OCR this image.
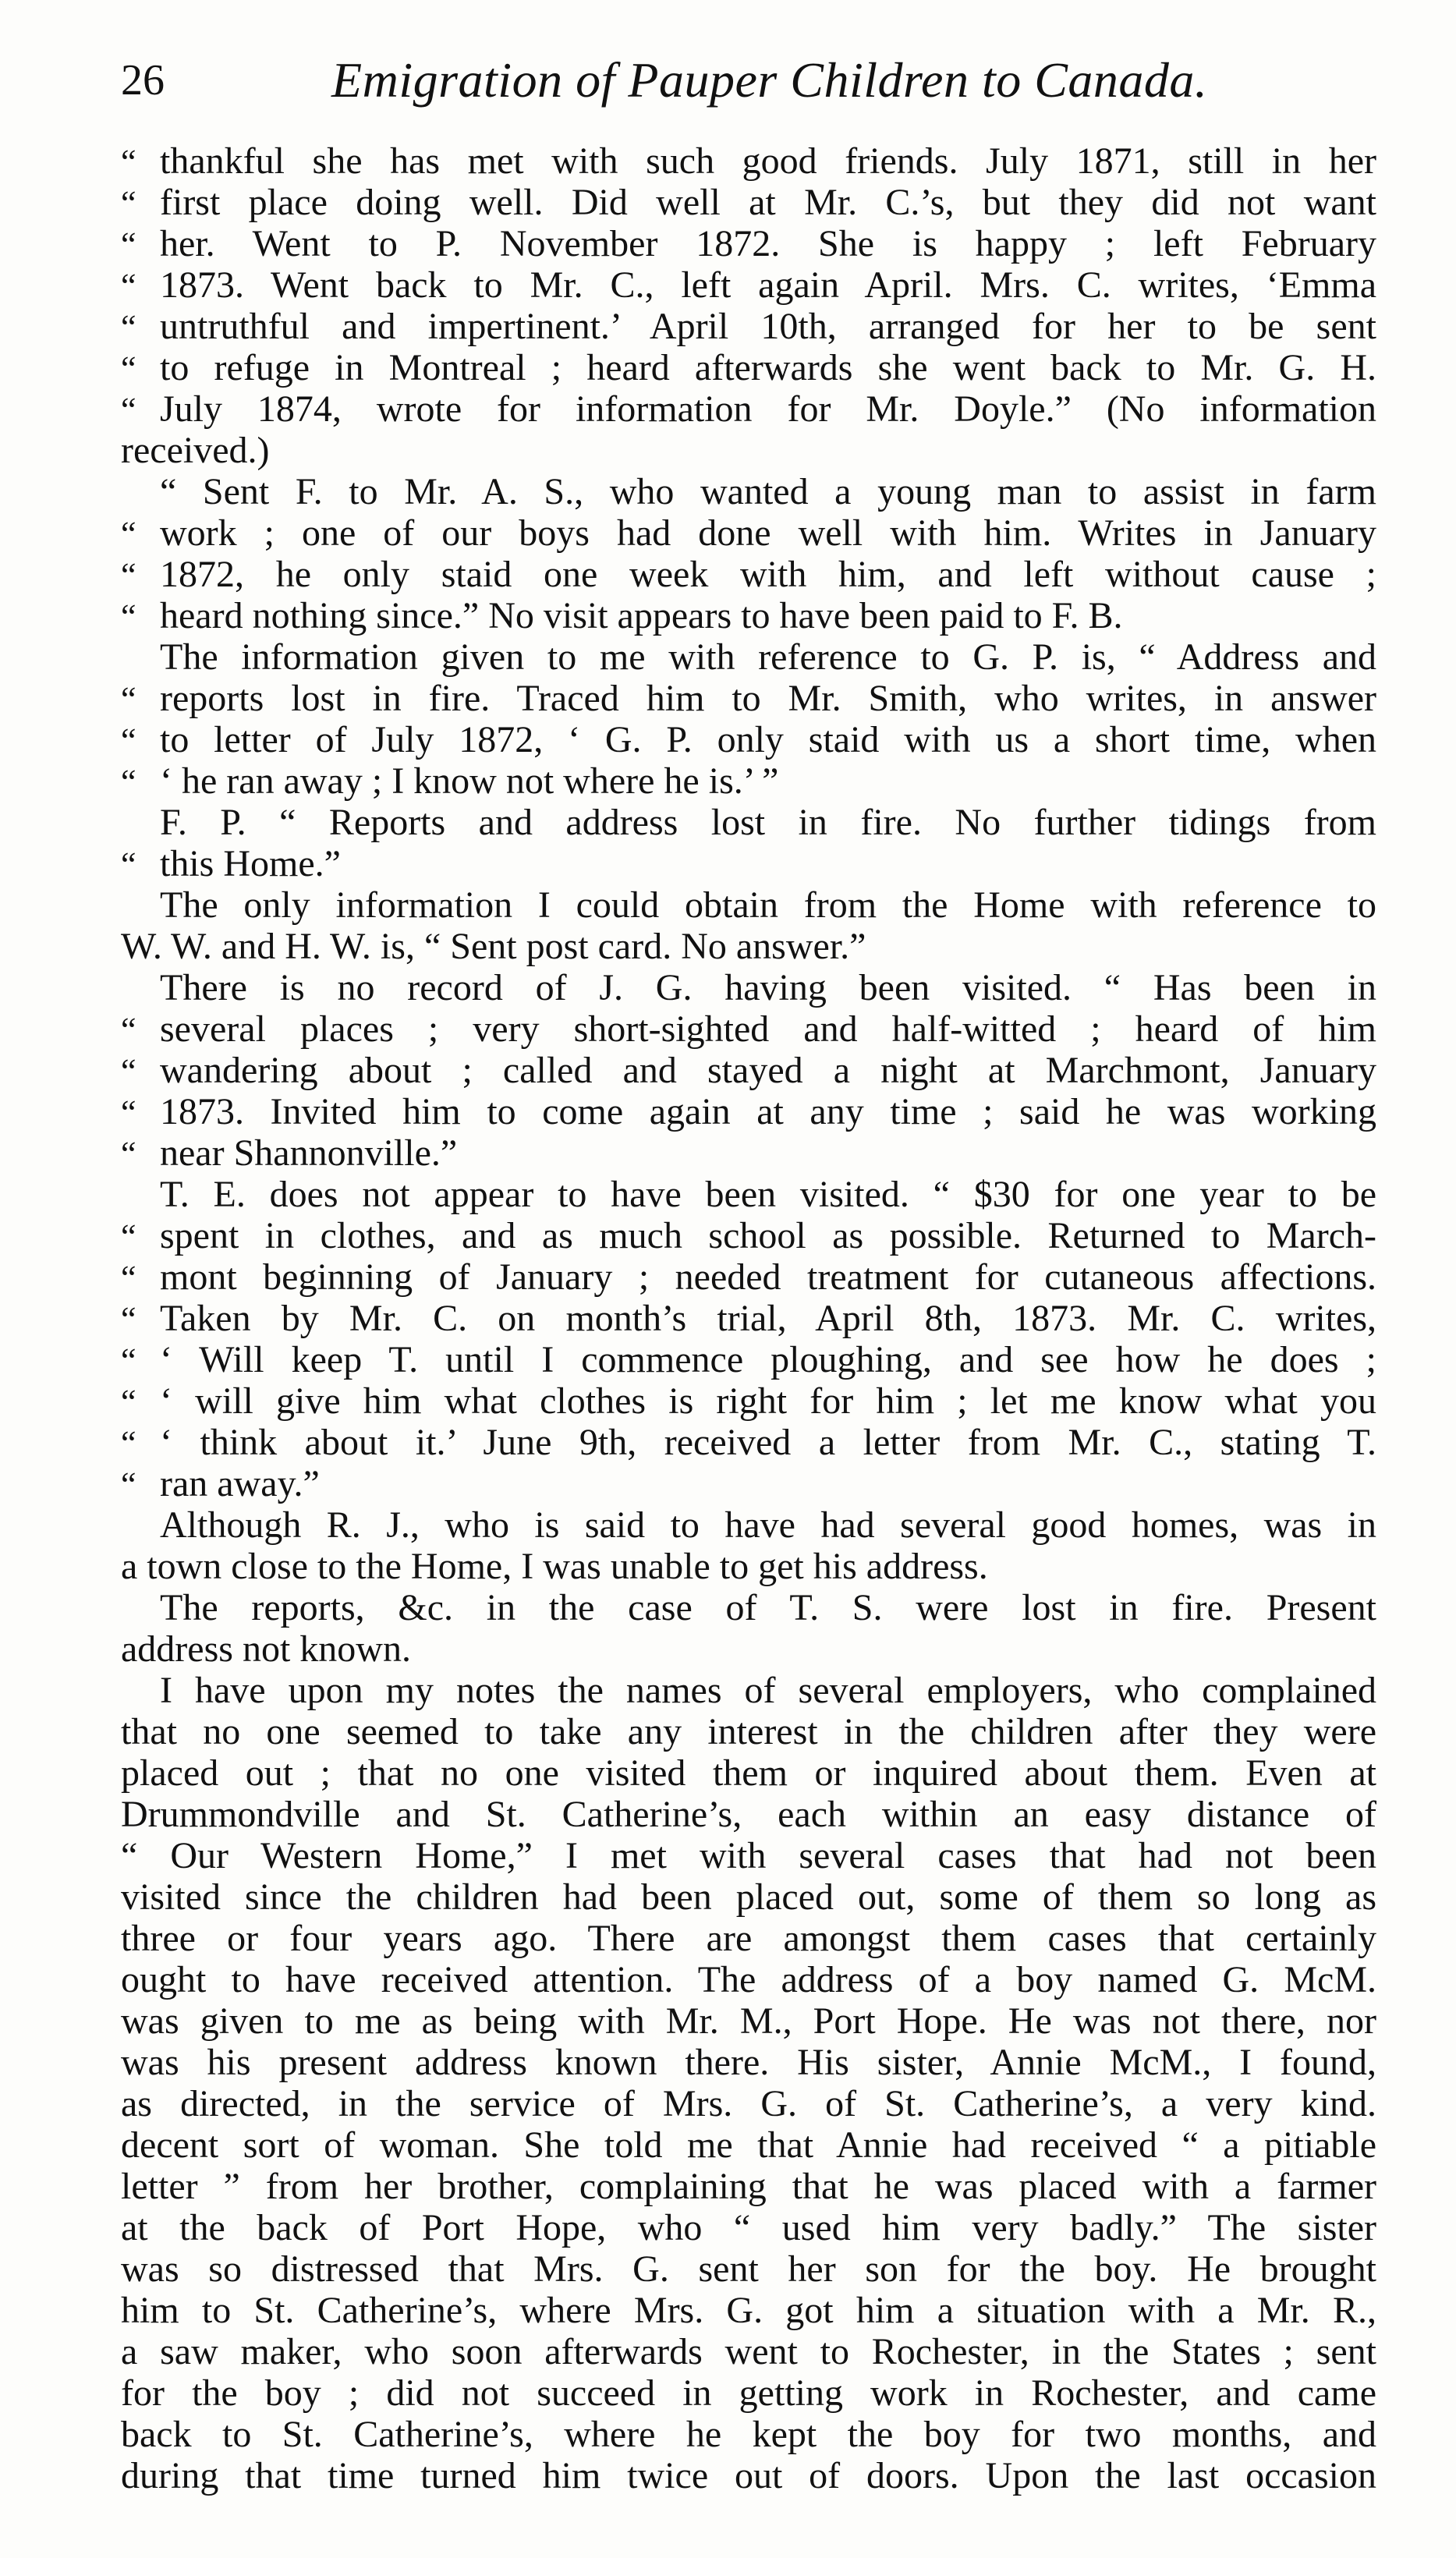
26	Emigration of Pauper Children to Canada.
“ thankful she has met with such good friends. July 1871, still in her
“ first place doing well. Did well at Mr. C.’s, but they did not want
“ her. Went to P. November 1872. She is happy ; left February
“ 1873. Went back to Mr. C., left again April. Mrs. C. writes, ‘Emma
“ untruthful and impertinent.’ April 10th, arranged for her to be sent
“ to refuge in Montreal ; heard afterwards she went back to Mr. G. H.
“ July 1874, wrote for information for Mr. Doyle.” (No information
received.)
“ Sent F. to Mr. A. S., who wanted a young man to assist in farm
“ work ; one of our boys had done well with him. Writes in January
“ 1872, he only staid one week with him, and left without cause ;
“ heard nothing since.” No visit appears to have been paid to F. B.
The information given to me with reference to G. P. is, “ Address and
“ reports lost in fire. Traced him to Mr. Smith, who writes, in answer
“ to letter of July 1872, ‘ G. P. only staid with us a short time, when
“ ‘ he ran away ; I know not where he is.’ ”
F. P. “ Reports and address lost in fire. No further tidings from
“ this Home.”
The only information I could obtain from the Home with reference to
W. W. and H. W. is, “ Sent post card. No answer.”
There is no record of J. G. having been visited. “ Has been in
“ several places ; very short-sighted and half-witted ; heard of him
“ wandering about ; called and stayed a night at Marchmont, January
“ 1873. Invited him to come again at any time ; said he was working
“ near Shannonville.”
T. E. does not appear to have been visited. “ $30 for one year to be
“ spent in clothes, and as much school as possible. Returned to March-
“ mont beginning of January ; needed treatment for cutaneous affections.
“ Taken by Mr. C. on month’s trial, April 8th, 1873. Mr. C. writes,
“ ‘ Will keep T. until I commence ploughing, and see how he does ;
“ ‘ will give him what clothes is right for him ; let me know what you
“ ‘ think about it.’ June 9th, received a letter from Mr. C., stating T.
“ ran away.”
Although R. J., who is said to have had several good homes, was in
a town close to the Home, I was unable to get his address.
The reports, &c. in the case of T. S. were lost in fire. Present
address not known.
I have upon my notes the names of several employers, who complained
that no one seemed to take any interest in the children after they were
placed out ; that no one visited them or inquired about them. Even at
Drummondville and St. Catherine’s, each within an easy distance of
“ Our Western Home,” I met with several cases that had not been
visited since the children had been placed out, some of them so long as
three or four years ago. There are amongst them cases that certainly
ought to have received attention. The address of a boy named G. McM.
was given to me as being with Mr. M., Port Hope. He was not there, nor
was his present address known there. His sister, Annie McM., I found,
as directed, in the service of Mrs. G. of St. Catherine’s, a very kind.
decent sort of woman. She told me that Annie had received “ a pitiable
letter ” from her brother, complaining that he was placed with a farmer
at the back of Port Hope, who “ used him very badly.” The sister
was so distressed that Mrs. G. sent her son for the boy. He brought
him to St. Catherine’s, where Mrs. G. got him a situation with a Mr. R.,
a saw maker, who soon afterwards went to Rochester, in the States ; sent
for the boy ; did not succeed in getting work in Rochester, and came
back to St. Catherine’s, where he kept the boy for two months, and
during that time turned him twice out of doors. Upon the last occasion
